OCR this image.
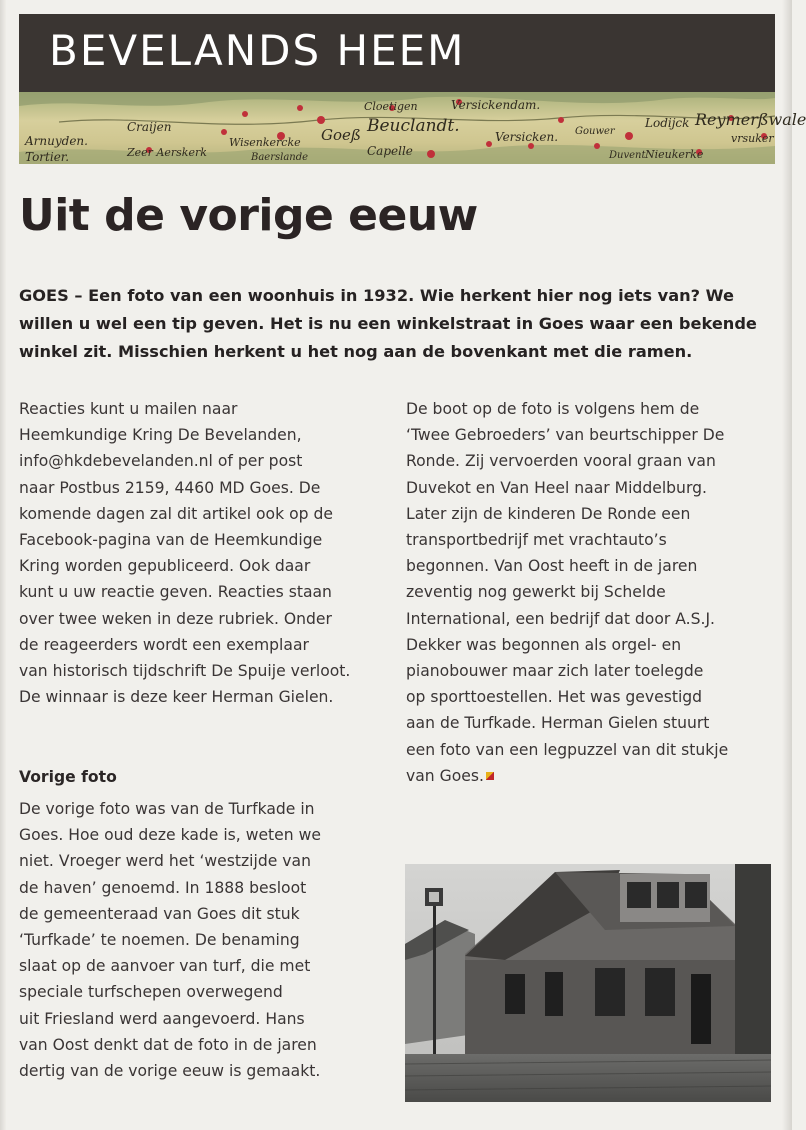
BEVELANDS HEEM
Arnuyden.
Tortier.
Craijen
Zeer Aerskerk
Wisenkercke
Baerslande
Goeß
Cloetigen
Beuclandt.
Capelle
Versickendam.
Versicken. Gouwer
Duvent
Lodijck Reymerßwale
Nieukerke
vrsuker
Uit de vorige eeuw

GOES – Een foto van een woonhuis in 1932. Wie herkent hier nog iets van? We

willen u wel een tip geven. Het is nu een winkelstraat in Goes waar een bekende

winkel zit. Misschien herkent u het nog aan de bovenkant met die ramen.

Reacties kunt u mailen naar

Heemkundige Kring De Bevelanden,

info@hkdebevelanden.nl of per post

naar Postbus 2159, 4460 MD Goes. De

komende dagen zal dit artikel ook op de

Facebook-pagina van de Heemkundige

Kring worden gepubliceerd. Ook daar

kunt u uw reactie geven. Reacties staan

over twee weken in deze rubriek. Onder

de reageerders wordt een exemplaar

van historisch tijdschrift De Spuije verloot.

De winnaar is deze keer Herman Gielen.

Vorige foto

De vorige foto was van de Turfkade in

Goes. Hoe oud deze kade is, weten we

niet. Vroeger werd het ‘westzijde van

de haven’ genoemd. In 1888 besloot

de gemeenteraad van Goes dit stuk

‘Turfkade’ te noemen. De benaming

slaat op de aanvoer van turf, die met

speciale turfschepen overwegend

uit Friesland werd aangevoerd. Hans

van Oost denkt dat de foto in de jaren

dertig van de vorige eeuw is gemaakt.

De boot op de foto is volgens hem de

‘Twee Gebroeders’ van beurtschipper De

Ronde. Zij vervoerden vooral graan van

Duvekot en Van Heel naar Middelburg.

Later zijn de kinderen De Ronde een

transportbedrijf met vrachtauto’s

begonnen. Van Oost heeft in de jaren

zeventig nog gewerkt bij Schelde

International, een bedrijf dat door A.S.J.

Dekker was begonnen als orgel- en

pianobouwer maar zich later toelegde

op sporttoestellen. Het was gevestigd

aan de Turfkade. Herman Gielen stuurt

een foto van een legpuzzel van dit stukje

van Goes.
